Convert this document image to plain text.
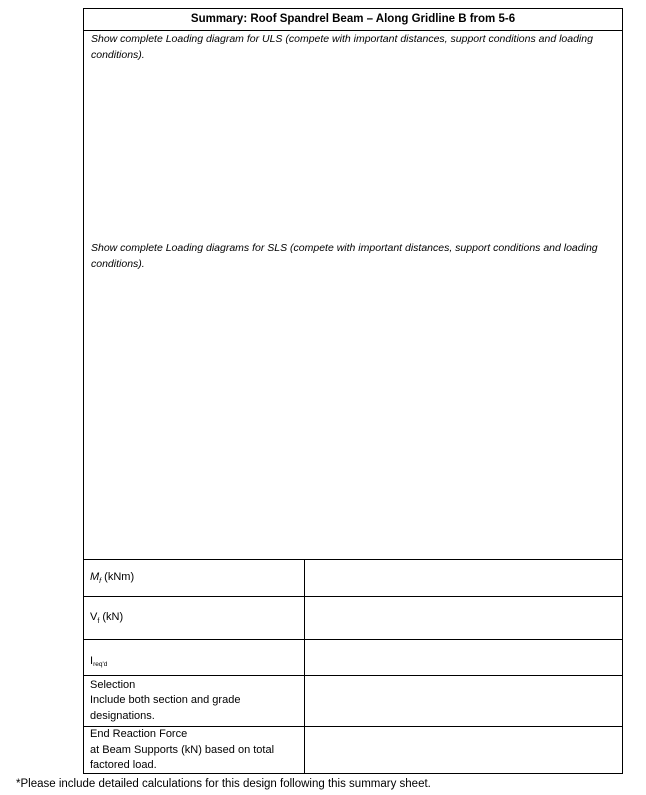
Summary: Roof Spandrel Beam – Along Gridline B from 5-6
Show complete Loading diagram for ULS (compete with important distances, support conditions and loading conditions).
Show complete Loading diagrams for SLS (compete with important distances, support conditions and loading conditions).
$M_f$ (kNm)	
$V_f$ (kN)	
Ireq'd	

Selection
Include both section and grade designations.	

End Reaction Force
at Beam Supports (kN) based on total factored load.	

*Please include detailed calculations for this design following this summary sheet.
